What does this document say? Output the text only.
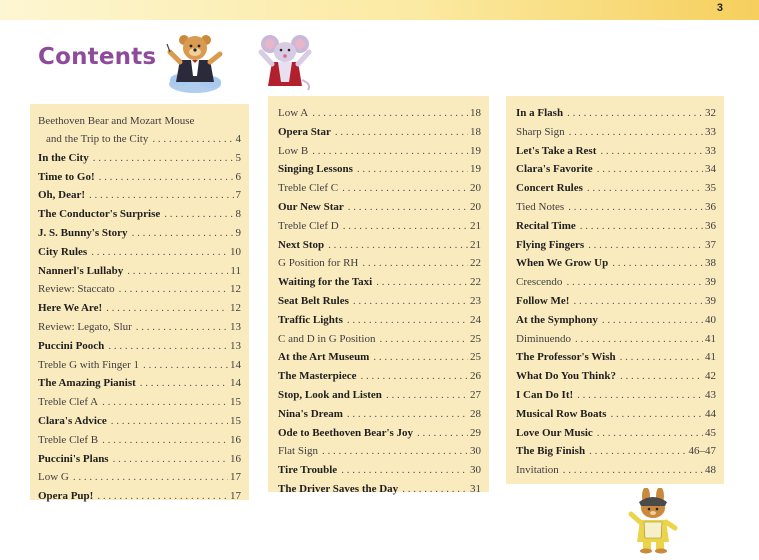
3
Contents
Beethoven Bear and Mozart Mouse
and the Trip to the City . . .	4
In the City . . .	5
Time to Go! . . .	6
Oh, Dear! . . .	7
The Conductor's Surprise . . .	8
J. S. Bunny's Story . . .	9
City Rules . . .	10
Nannerl's Lullaby . . .	11
Review: Staccato . . .	12
Here We Are! . . .	12
Review: Legato, Slur . . .	13
Puccini Pooch . . .	13
Treble G with Finger 1 . . .	14
The Amazing Pianist . . .	14
Treble Clef A . . .	15
Clara's Advice . . .	15
Treble Clef B . . .	16
Puccini's Plans . . .	16
Low G . . .	17
Opera Pup! . . .	17
Low A . . .	18
Opera Star . . .	18
Low B . . .	19
Singing Lessons . . .	19
Treble Clef C . . .	20
Our New Star . . .	20
Treble Clef D . . .	21
Next Stop . . .	21
G Position for RH . . .	22
Waiting for the Taxi . . .	22
Seat Belt Rules . . .	23
Traffic Lights . . .	24
C and D in G Position . . .	25
At the Art Museum . . .	25
The Masterpiece . . .	26
Stop, Look and Listen . . .	27
Nina's Dream . . .	28
Ode to Beethoven Bear's Joy . . .	29
Flat Sign . . .	30
Tire Trouble . . .	30
The Driver Saves the Day . . .	31
In a Flash . . .	32
Sharp Sign . . .	33
Let's Take a Rest . . .	33
Clara's Favorite . . .	34
Concert Rules . . .	35
Tied Notes . . .	36
Recital Time . . .	36
Flying Fingers . . .	37
When We Grow Up . . .	38
Crescendo . . .	39
Follow Me! . . .	39
At the Symphony . . .	40
Diminuendo . . .	41
The Professor's Wish . . .	41
What Do You Think? . . .	42
I Can Do It! . . .	43
Musical Row Boats . . .	44
Love Our Music . . .	45
The Big Finish . . .	46–47
Invitation . . .	48
